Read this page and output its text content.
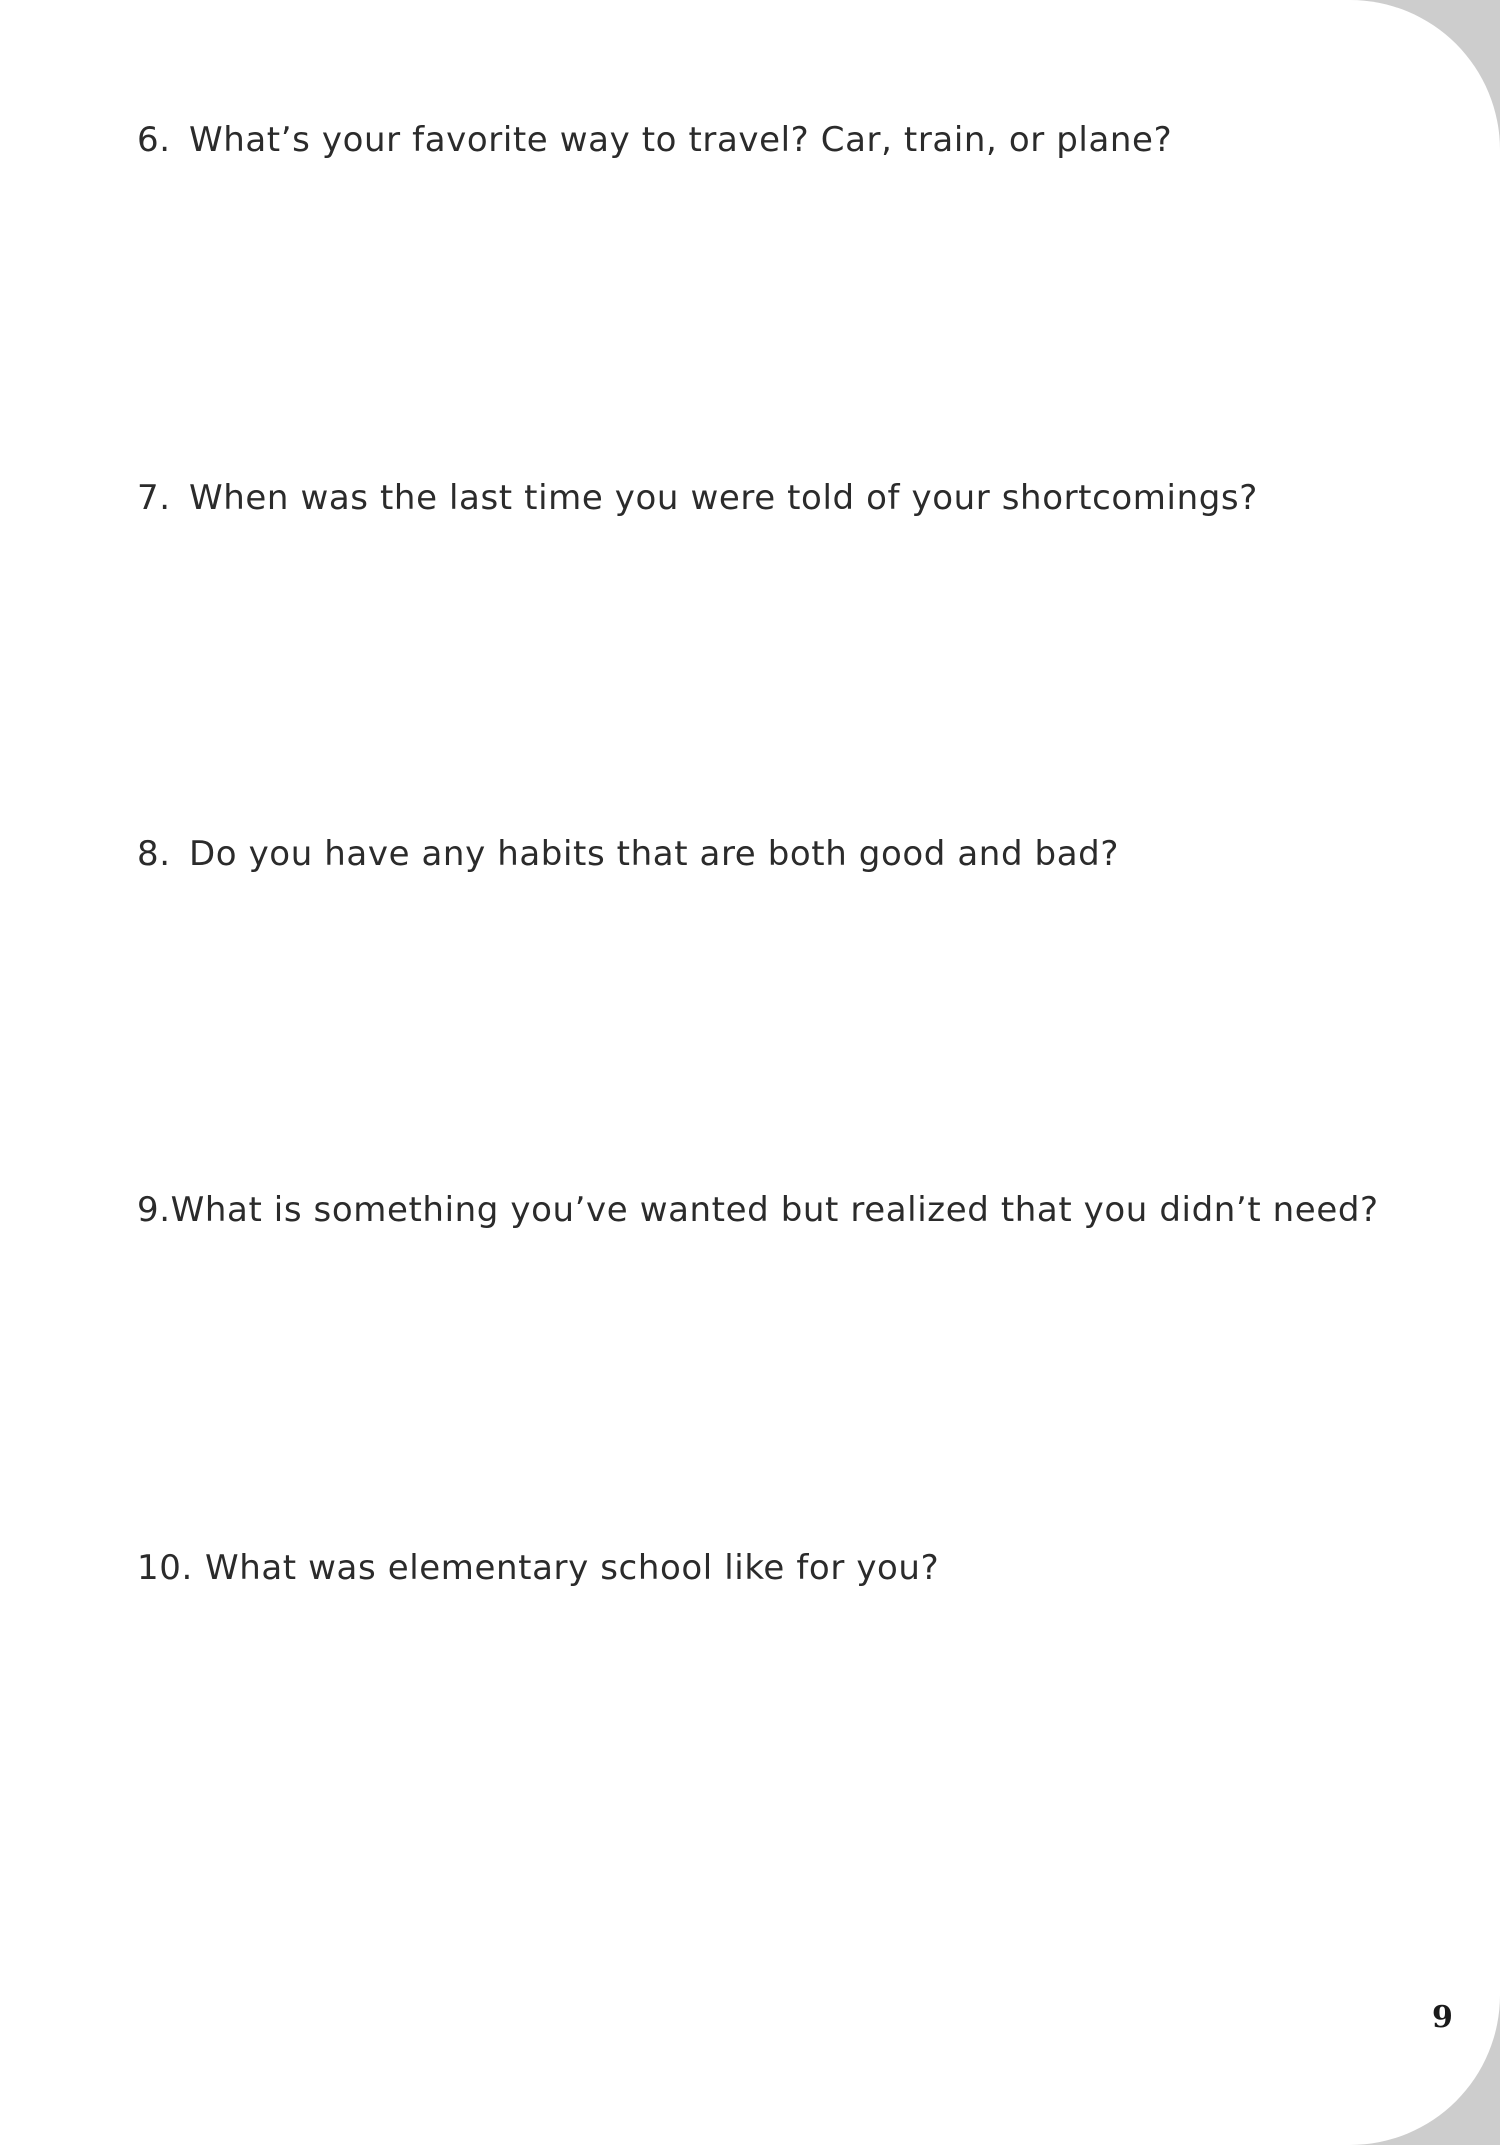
6. What’s your favorite way to travel? Car, train, or plane?
7. When was the last time you were told of your shortcomings?
8. Do you have any habits that are both good and bad?
9. What is something you’ve wanted but realized that you didn’t need?
10. What was elementary school like for you?
9
